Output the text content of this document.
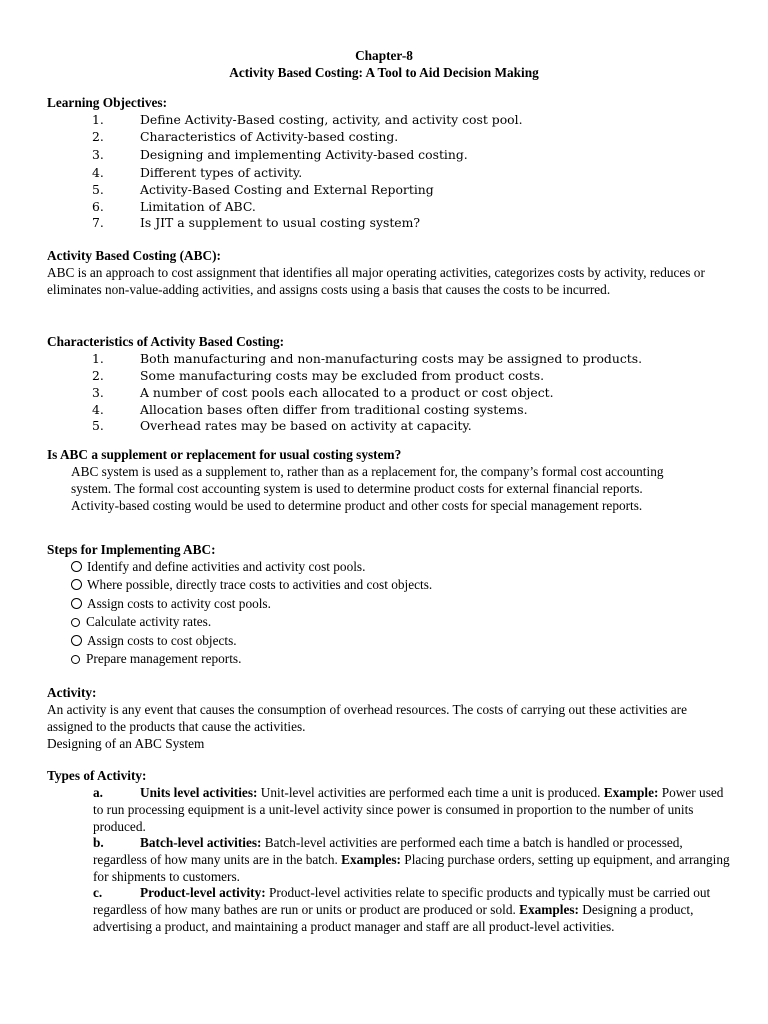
Chapter-8
Activity Based Costing: A Tool to Aid Decision Making
Learning Objectives:
1.	Define Activity-Based costing, activity, and activity cost pool.
2.	Characteristics of Activity-based costing.
3.	Designing and implementing Activity-based costing.
4.	Different types of activity.
5.	Activity-Based Costing and External Reporting
6.	Limitation of ABC.
7.	Is JIT a supplement to usual costing system?
Activity Based Costing (ABC):
ABC is an approach to cost assignment that identifies all major operating activities, categorizes costs by activity, reduces or eliminates non-value-adding activities, and assigns costs using a basis that causes the costs to be incurred.
Characteristics of Activity Based Costing:
1.	Both manufacturing and non-manufacturing costs may be assigned to products.
2.	Some manufacturing costs may be excluded from product costs.
3.	A number of cost pools each allocated to a product or cost object.
4.	Allocation bases often differ from traditional costing systems.
5.	Overhead rates may be based on activity at capacity.
Is ABC a supplement or replacement for usual costing system?
ABC system is used as a supplement to, rather than as a replacement for, the company’s formal cost accounting system. The formal cost accounting system is used to determine product costs for external financial reports. Activity-based costing would be used to determine product and other costs for special management reports.
Steps for Implementing ABC:
Identify and define activities and activity cost pools.
Where possible, directly trace costs to activities and cost objects.
Assign costs to activity cost pools.
Calculate activity rates.
Assign costs to cost objects.
Prepare management reports.
Activity:
An activity is any event that causes the consumption of overhead resources. The costs of carrying out these activities are assigned to the products that cause the activities.
Designing of an ABC System
Types of Activity:
a.	Units level activities: Unit-level activities are performed each time a unit is produced. Example: Power used to run processing equipment is a unit-level activity since power is consumed in proportion to the number of units produced.
b.	Batch-level activities: Batch-level activities are performed each time a batch is handled or processed, regardless of how many units are in the batch. Examples: Placing purchase orders, setting up equipment, and arranging for shipments to customers.
c.	Product-level activity: Product-level activities relate to specific products and typically must be carried out regardless of how many bathes are run or units or product are produced or sold. Examples: Designing a product, advertising a product, and maintaining a product manager and staff are all product-level activities.
